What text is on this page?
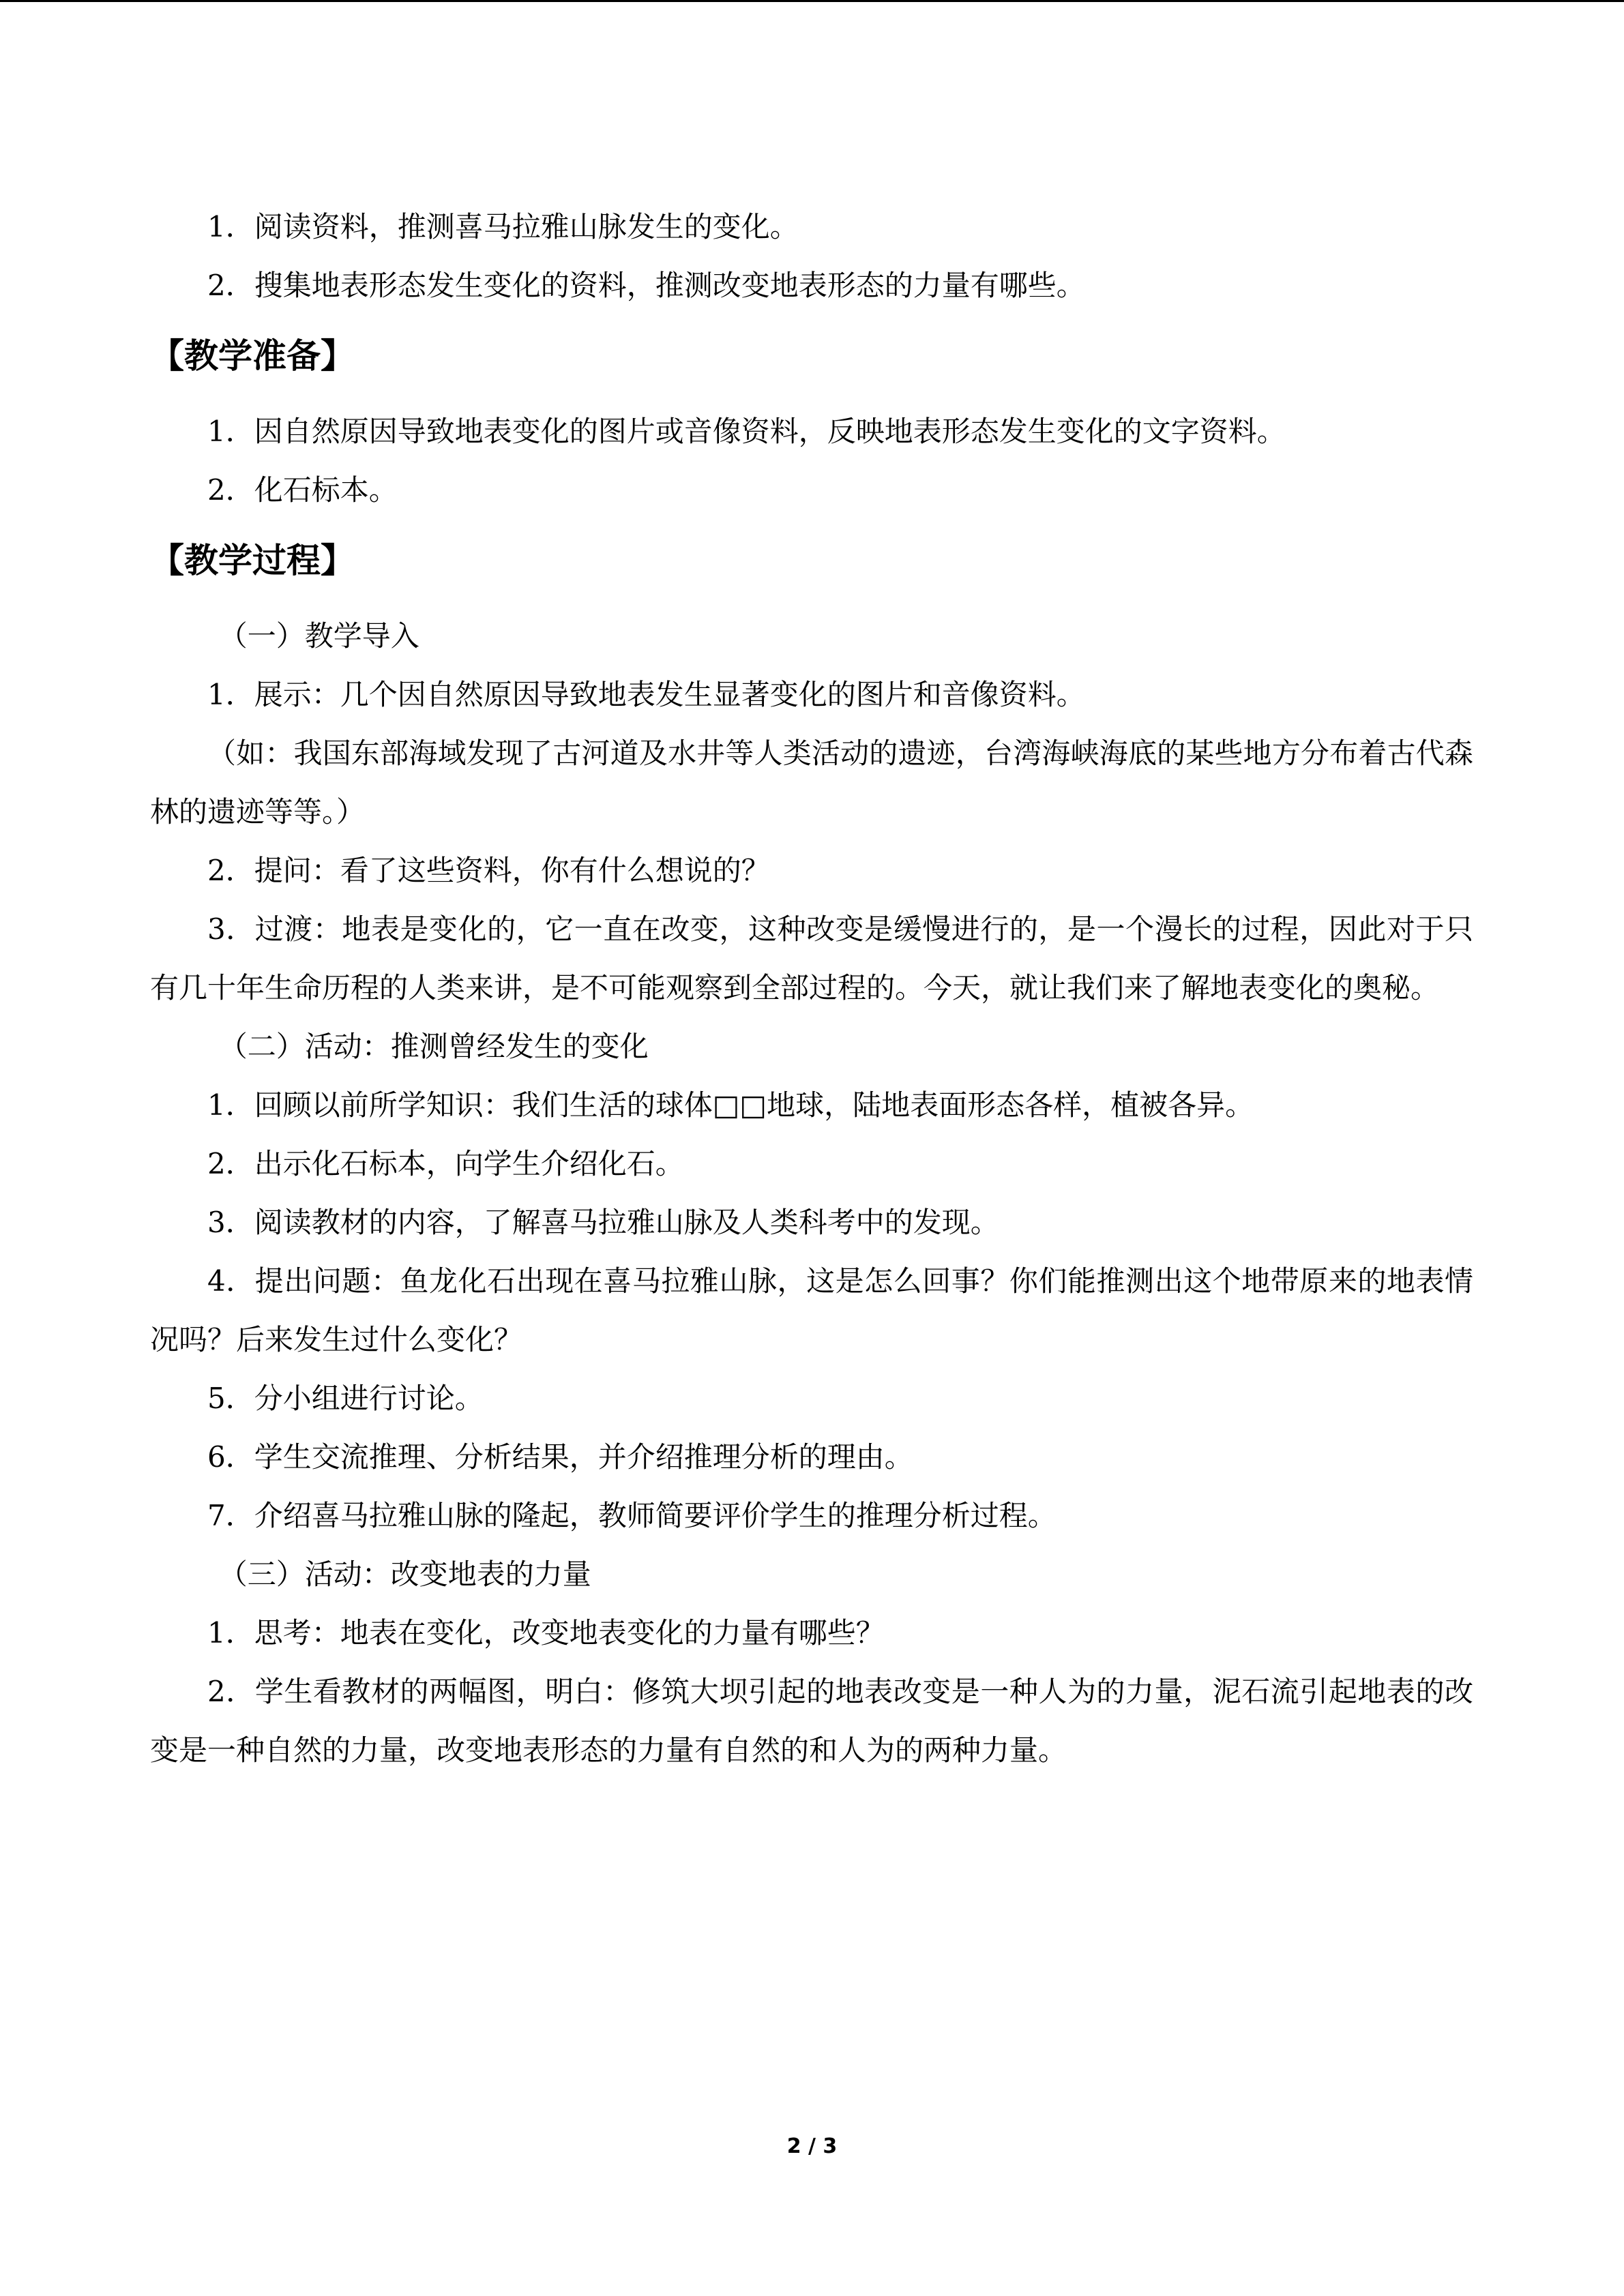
1．阅读资料，推测喜马拉雅山脉发生的变化。

2．搜集地表形态发生变化的资料，推测改变地表形态的力量有哪些。

【教学准备】

1．因自然原因导致地表变化的图片或音像资料，反映地表形态发生变化的文字资料。

2．化石标本。

【教学过程】

（一）教学导入

1．展示：几个因自然原因导致地表发生显著变化的图片和音像资料。

（如：我国东部海域发现了古河道及水井等人类活动的遗迹，台湾海峡海底的某些地方分布着古代森林的遗迹等等。）

2．提问：看了这些资料，你有什么想说的？

3．过渡：地表是变化的，它一直在改变，这种改变是缓慢进行的，是一个漫长的过程，因此对于只有几十年生命历程的人类来讲，是不可能观察到全部过程的。今天，就让我们来了解地表变化的奥秘。

（二）活动：推测曾经发生的变化

1．回顾以前所学知识：我们生活的球体□□地球，陆地表面形态各样，植被各异。

2．出示化石标本，向学生介绍化石。

3．阅读教材的内容，了解喜马拉雅山脉及人类科考中的发现。

4．提出问题：鱼龙化石出现在喜马拉雅山脉，这是怎么回事？你们能推测出这个地带原来的地表情况吗？后来发生过什么变化？

5．分小组进行讨论。

6．学生交流推理、分析结果，并介绍推理分析的理由。

7．介绍喜马拉雅山脉的隆起，教师简要评价学生的推理分析过程。

（三）活动：改变地表的力量

1．思考：地表在变化，改变地表变化的力量有哪些？

2．学生看教材的两幅图，明白：修筑大坝引起的地表改变是一种人为的力量，泥石流引起地表的改变是一种自然的力量，改变地表形态的力量有自然的和人为的两种力量。

2 / 3
